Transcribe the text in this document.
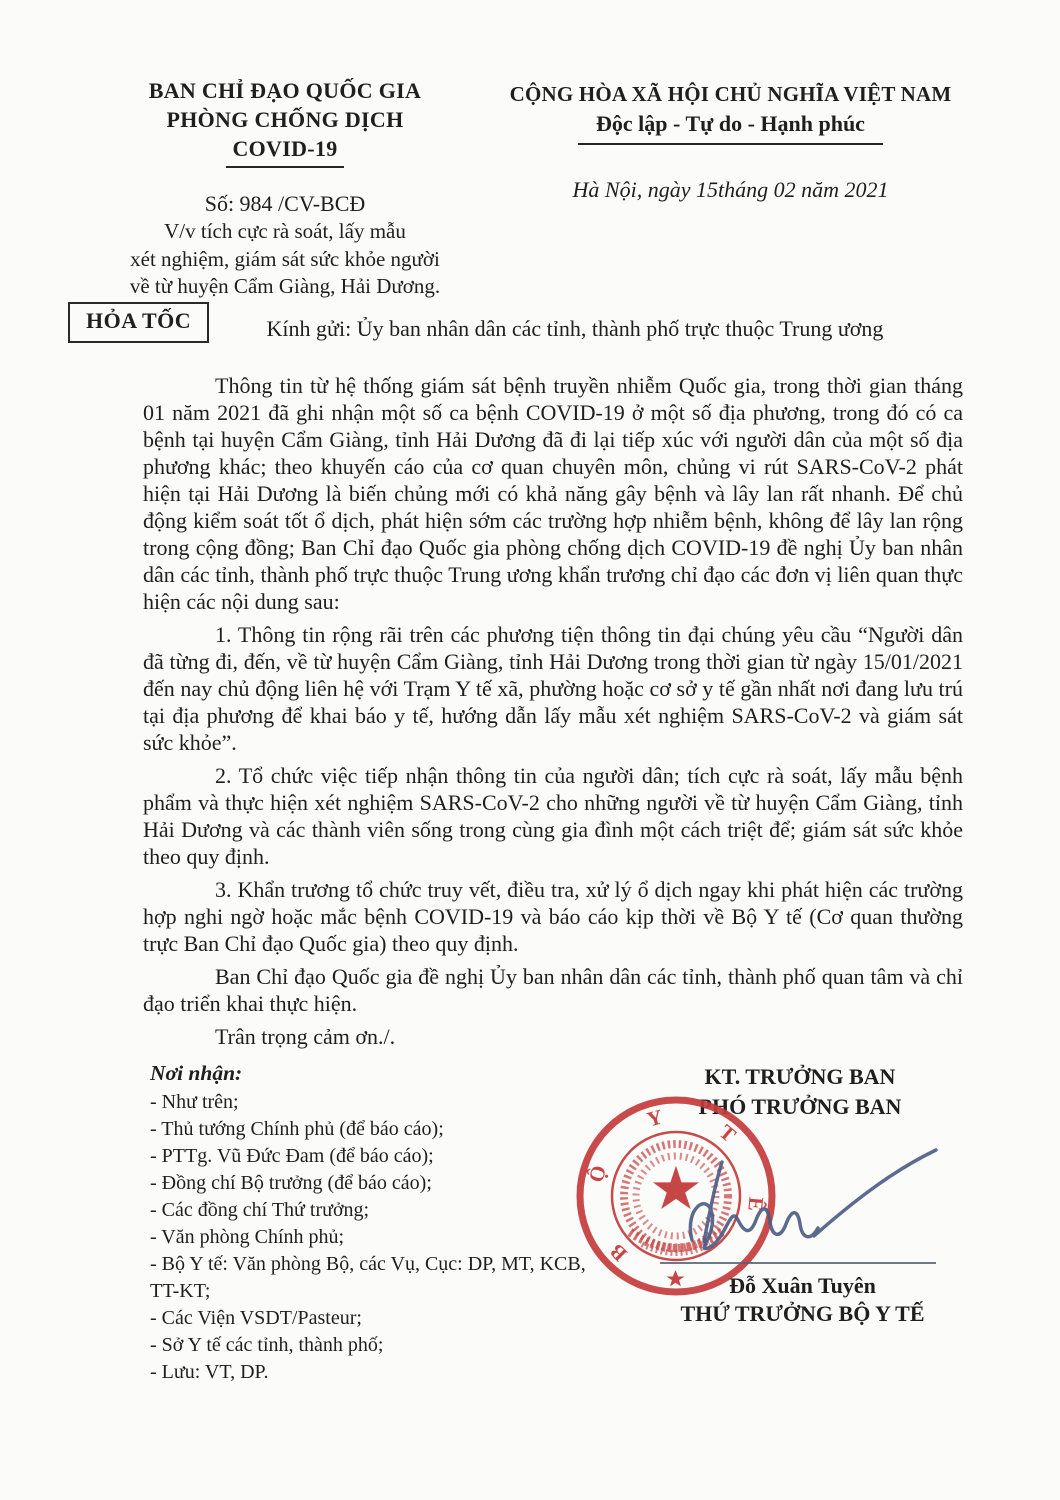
BAN CHỈ ĐẠO QUỐC GIA
PHÒNG CHỐNG DỊCH
COVID-19
Số: 984 /CV-BCĐ
V/v tích cực rà soát, lấy mẫu
xét nghiệm, giám sát sức khỏe người
về từ huyện Cẩm Giàng, Hải Dương.
CỘNG HÒA XÃ HỘI CHỦ NGHĨA VIỆT NAM
Độc lập - Tự do - Hạnh phúc
Hà Nội, ngày 15tháng 02 năm 2021
HỎA TỐC	Kính gửi: Ủy ban nhân dân các tỉnh, thành phố trực thuộc Trung ương

Thông tin từ hệ thống giám sát bệnh truyền nhiễm Quốc gia, trong thời gian tháng 01 năm 2021 đã ghi nhận một số ca bệnh COVID-19 ở một số địa phương, trong đó có ca bệnh tại huyện Cẩm Giàng, tỉnh Hải Dương đã đi lại tiếp xúc với người dân của một số địa phương khác; theo khuyến cáo của cơ quan chuyên môn, chủng vi rút SARS-CoV-2 phát hiện tại Hải Dương là biến chủng mới có khả năng gây bệnh và lây lan rất nhanh. Để chủ động kiểm soát tốt ổ dịch, phát hiện sớm các trường hợp nhiễm bệnh, không để lây lan rộng trong cộng đồng; Ban Chỉ đạo Quốc gia phòng chống dịch COVID-19 đề nghị Ủy ban nhân dân các tỉnh, thành phố trực thuộc Trung ương khẩn trương chỉ đạo các đơn vị liên quan thực hiện các nội dung sau:

1. Thông tin rộng rãi trên các phương tiện thông tin đại chúng yêu cầu “Người dân đã từng đi, đến, về từ huyện Cẩm Giàng, tỉnh Hải Dương trong thời gian từ ngày 15/01/2021 đến nay chủ động liên hệ với Trạm Y tế xã, phường hoặc cơ sở y tế gần nhất nơi đang lưu trú tại địa phương để khai báo y tế, hướng dẫn lấy mẫu xét nghiệm SARS-CoV-2 và giám sát sức khỏe”.

2. Tổ chức việc tiếp nhận thông tin của người dân; tích cực rà soát, lấy mẫu bệnh phẩm và thực hiện xét nghiệm SARS-CoV-2 cho những người về từ huyện Cẩm Giàng, tỉnh Hải Dương và các thành viên sống trong cùng gia đình một cách triệt để; giám sát sức khỏe theo quy định.

3. Khẩn trương tổ chức truy vết, điều tra, xử lý ổ dịch ngay khi phát hiện các trường hợp nghi ngờ hoặc mắc bệnh COVID-19 và báo cáo kịp thời về Bộ Y tế (Cơ quan thường trực Ban Chỉ đạo Quốc gia) theo quy định.

Ban Chỉ đạo Quốc gia đề nghị Ủy ban nhân dân các tỉnh, thành phố quan tâm và chỉ đạo triển khai thực hiện.

Trân trọng cảm ơn./.

Nơi nhận:
- Như trên;
- Thủ tướng Chính phủ (để báo cáo);
- PTTg. Vũ Đức Đam (để báo cáo);
- Đồng chí Bộ trưởng (để báo cáo);
- Các đồng chí Thứ trưởng;
- Văn phòng Chính phủ;
- Bộ Y tế: Văn phòng Bộ, các Vụ, Cục: DP, MT, KCB, TT-KT;
- Các Viện VSDT/Pasteur;
- Sở Y tế các tỉnh, thành phố;
- Lưu: VT, DP.
KT. TRƯỞNG BAN
PHÓ TRƯỞNG BAN
B
Ộ
Y
T
Ế
Đỗ Xuân Tuyên
THỨ TRƯỞNG BỘ Y TẾ
